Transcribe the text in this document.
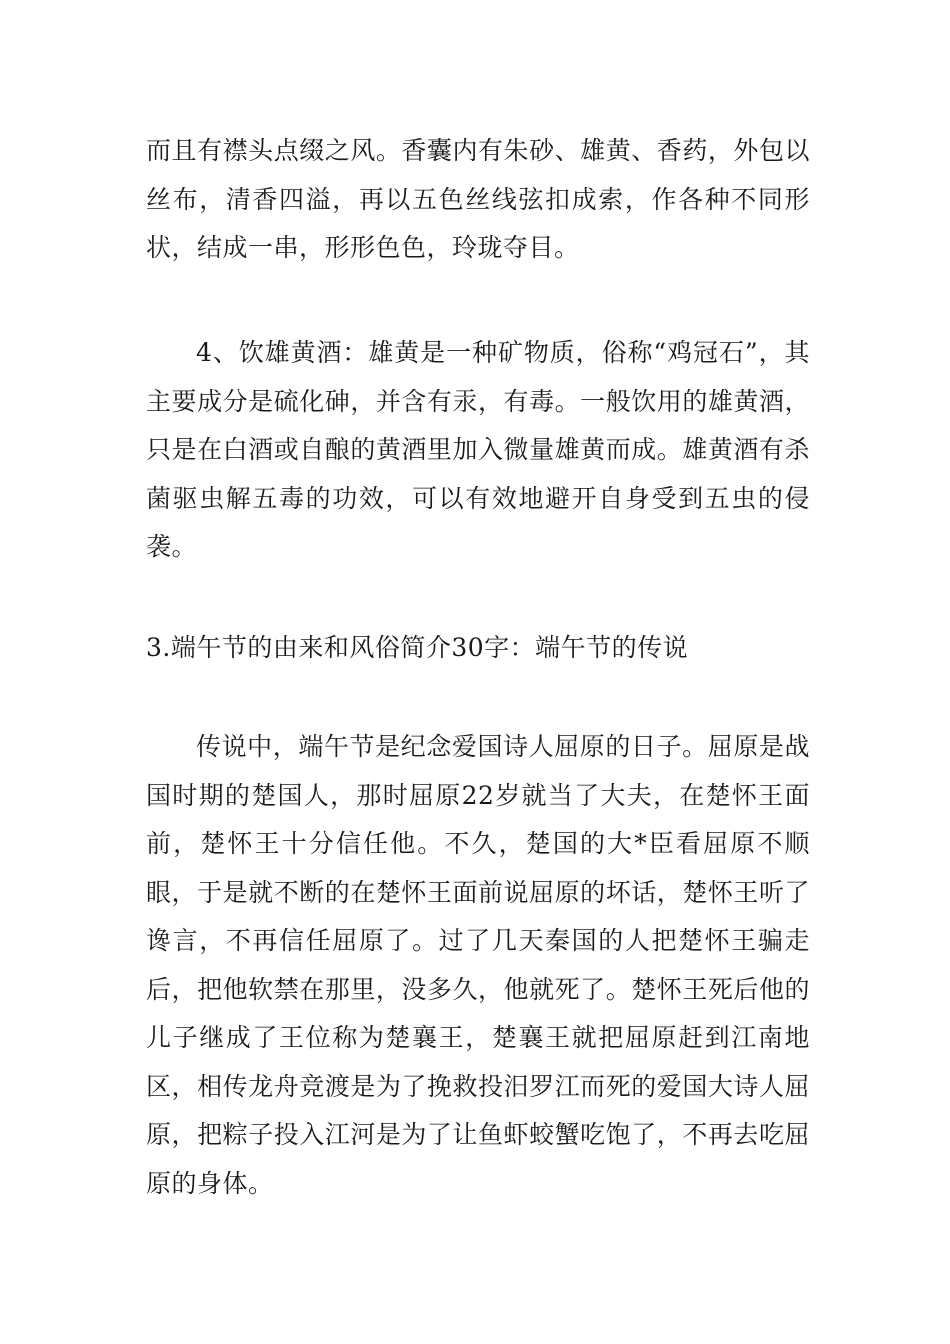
而且有襟头点缀之风。香囊内有朱砂、雄黄、香药，外包以丝布，清香四溢，再以五色丝线弦扣成索，作各种不同形状，结成一串，形形色色，玲珑夺目。

4、饮雄黄酒：雄黄是一种矿物质，俗称“鸡冠石”，其主要成分是硫化砷，并含有汞，有毒。一般饮用的雄黄酒，只是在白酒或自酿的黄酒里加入微量雄黄而成。雄黄酒有杀菌驱虫解五毒的功效，可以有效地避开自身受到五虫的侵袭。

3.端午节的由来和风俗简介30字：端午节的传说

传说中，端午节是纪念爱国诗人屈原的日子。屈原是战国时期的楚国人，那时屈原22岁就当了大夫，在楚怀王面前，楚怀王十分信任他。不久，楚国的大*臣看屈原不顺眼，于是就不断的在楚怀王面前说屈原的坏话，楚怀王听了谗言，不再信任屈原了。过了几天秦国的人把楚怀王骗走后，把他软禁在那里，没多久，他就死了。楚怀王死后他的儿子继成了王位称为楚襄王，楚襄王就把屈原赶到江南地区，相传龙舟竞渡是为了挽救投汨罗江而死的爱国大诗人屈原，把粽子投入江河是为了让鱼虾蛟蟹吃饱了，不再去吃屈原的身体。
